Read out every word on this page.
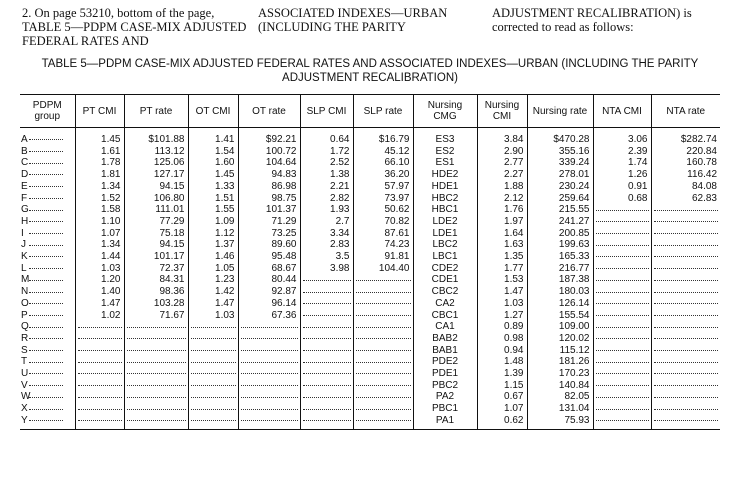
2. On page 53210, bottom of the page, TABLE 5—PDPM CASE-MIX ADJUSTED FEDERAL RATES AND
ASSOCIATED INDEXES—URBAN (INCLUDING THE PARITY
ADJUSTMENT RECALIBRATION) is corrected to read as follows:
TABLE 5—PDPM CASE-MIX ADJUSTED FEDERAL RATES AND ASSOCIATED INDEXES—URBAN (INCLUDING THE PARITY
ADJUSTMENT RECALIBRATION)
PDPM group	PT CMI	PT rate	OT CMI	OT rate	SLP CMI	SLP rate	Nursing CMG	Nursing CMI	Nursing rate	NTA CMI	NTA rate
A	1.45	$101.88	1.41	$92.21	0.64	$16.79	ES3	3.84	$470.28	3.06	$282.74
B	1.61	113.12	1.54	100.72	1.72	45.12	ES2	2.90	355.16	2.39	220.84
C	1.78	125.06	1.60	104.64	2.52	66.10	ES1	2.77	339.24	1.74	160.78
D	1.81	127.17	1.45	94.83	1.38	36.20	HDE2	2.27	278.01	1.26	116.42
E	1.34	94.15	1.33	86.98	2.21	57.97	HDE1	1.88	230.24	0.91	84.08
F	1.52	106.80	1.51	98.75	2.82	73.97	HBC2	2.12	259.64	0.68	62.83
G	1.58	111.01	1.55	101.37	1.93	50.62	HBC1	1.76	215.55		
H	1.10	77.29	1.09	71.29	2.7	70.82	LDE2	1.97	241.27		
I	1.07	75.18	1.12	73.25	3.34	87.61	LDE1	1.64	200.85		
J	1.34	94.15	1.37	89.60	2.83	74.23	LBC2	1.63	199.63		
K	1.44	101.17	1.46	95.48	3.5	91.81	LBC1	1.35	165.33		
L	1.03	72.37	1.05	68.67	3.98	104.40	CDE2	1.77	216.77		
M	1.20	84.31	1.23	80.44			CDE1	1.53	187.38		
N	1.40	98.36	1.42	92.87			CBC2	1.47	180.03		
O	1.47	103.28	1.47	96.14			CA2	1.03	126.14		
P	1.02	71.67	1.03	67.36			CBC1	1.27	155.54		
Q							CA1	0.89	109.00		
R							BAB2	0.98	120.02		
S							BAB1	0.94	115.12		
T							PDE2	1.48	181.26		
U							PDE1	1.39	170.23		
V							PBC2	1.15	140.84		
W							PA2	0.67	82.05		
X							PBC1	1.07	131.04		
Y							PA1	0.62	75.93		
